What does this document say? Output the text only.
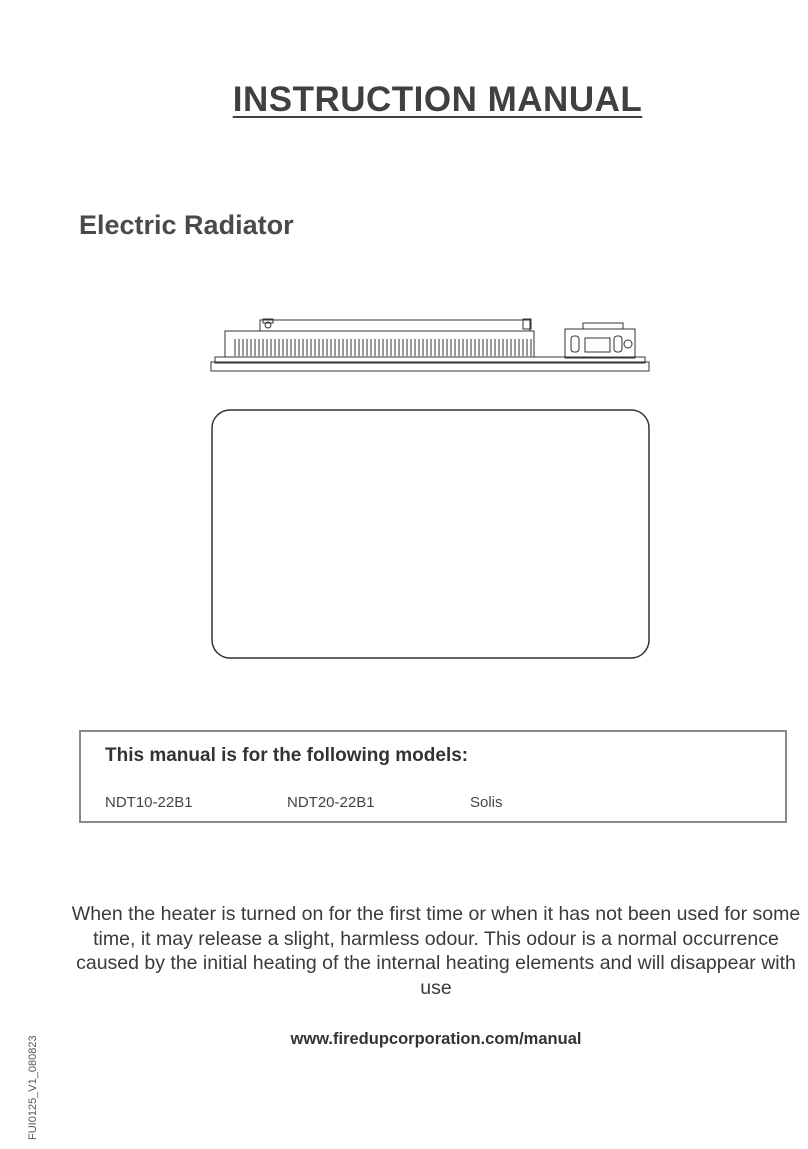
INSTRUCTION MANUAL
Electric Radiator
This manual is for the following models:
NDT10-22B1	NDT20-22B1	Solis
When the heater is turned on for the first time or when it has not been used for some time, it may release a slight, harmless odour. This odour is a normal occurrence caused by the initial heating of the internal heating elements and will disappear with use
www.firedupcorporation.com/manual
FUI0125_V1_080823
